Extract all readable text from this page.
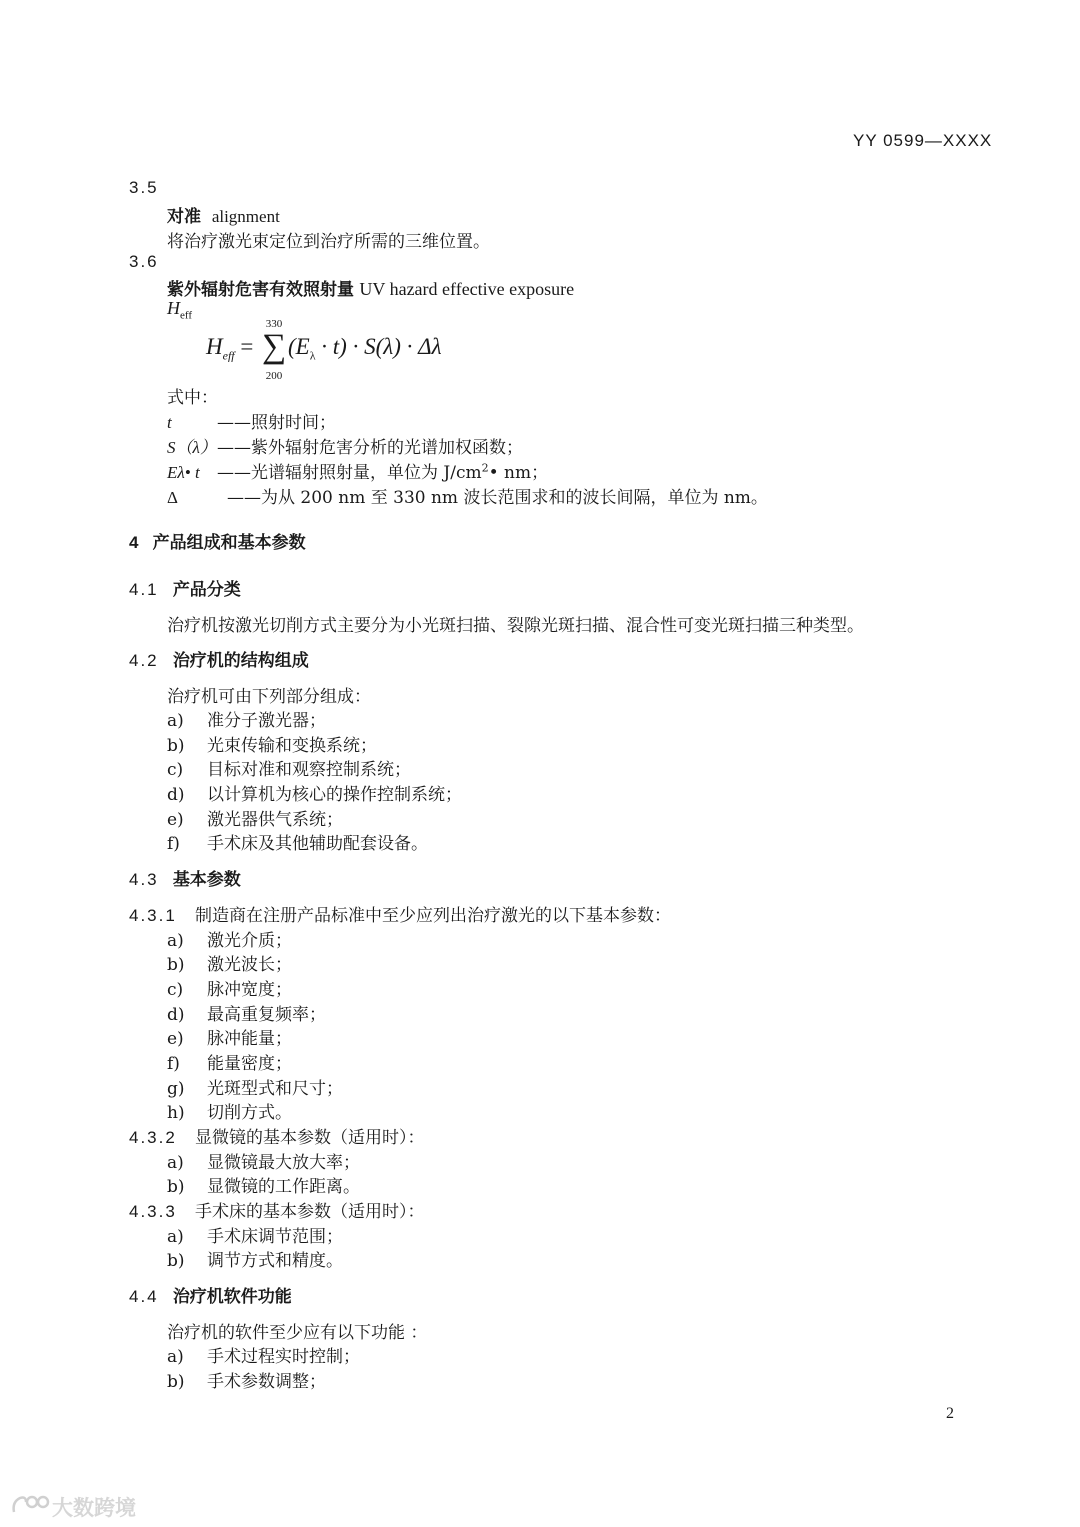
YY 0599—XXXX
3.5
对准 alignment
将治疗激光束定位到治疗所需的三维位置。
3.6
紫外辐射危害有效照射量 UV hazard effective exposure
$H_{eff}$
$H_{eff}$ =
330
∑
200
$(E_\lambda \cdot t) \cdot S(\lambda) \cdot \Delta\lambda$
式中：
t	——照射时间；
S（λ）——紫外辐射危害分析的光谱加权函数；
Eλ• t ——光谱辐射照射量，单位为 $J/cm^2•$ nm；
Δ	——为从 200 nm 至 330 nm 波长范围求和的波长间隔，单位为 nm。
4 产品组成和基本参数
4.1 产品分类
治疗机按激光切削方式主要分为小光斑扫描、裂隙光斑扫描、混合性可变光斑扫描三种类型。
4.2 治疗机的结构组成
治疗机可由下列部分组成：
a) 准分子激光器；
b) 光束传输和变换系统；
c) 目标对准和观察控制系统；
d) 以计算机为核心的操作控制系统；
e) 激光器供气系统；
f) 手术床及其他辅助配套设备。
4.3 基本参数
4.3.1 制造商在注册产品标准中至少应列出治疗激光的以下基本参数：
a) 激光介质；
b) 激光波长；
c) 脉冲宽度；
d) 最高重复频率；
e) 脉冲能量；
f) 能量密度；
g) 光斑型式和尺寸；
h) 切削方式。
4.3.2 显微镜的基本参数（适用时）：
a) 显微镜最大放大率；
b) 显微镜的工作距离。
4.3.3 手术床的基本参数（适用时）：
a) 手术床调节范围；
b) 调节方式和精度。
4.4 治疗机软件功能
治疗机的软件至少应有以下功能 ：
a) 手术过程实时控制；
b) 手术参数调整；
2
大数跨境
